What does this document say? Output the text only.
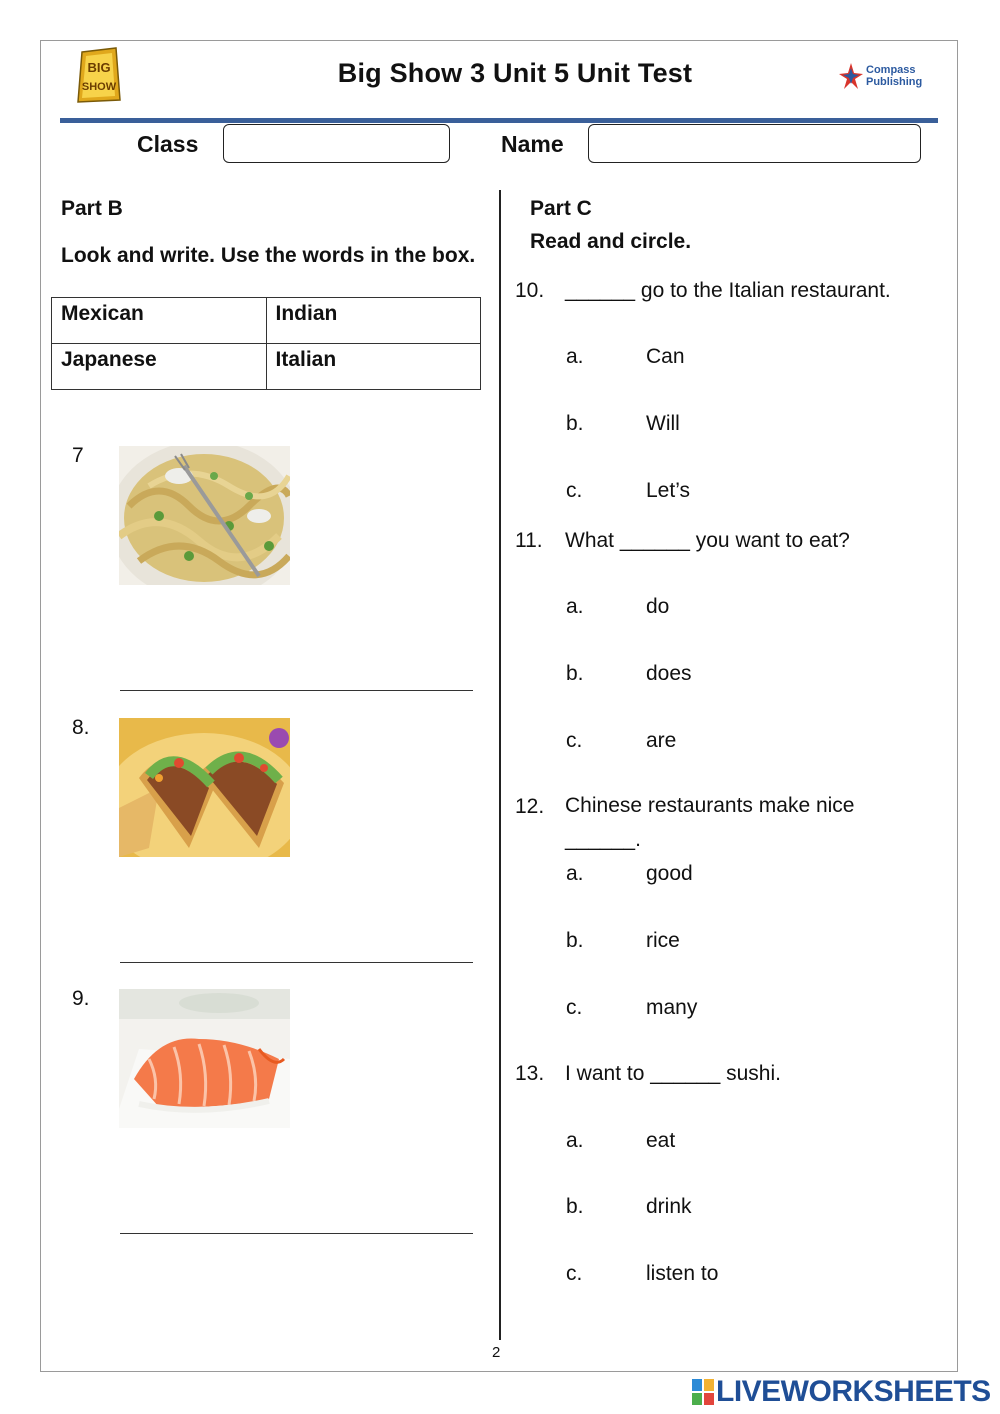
BIG
SHOW	Big Show 3 Unit 5 Unit Test	Compass
Publishing
Class	Name
Part B
Look and write. Use the words in the box.
Mexican	Indian
Japanese	Italian
7
8.
9.
Part C
Read and circle.
10. ______ go to the Italian restaurant.
a.	Can
b.	Will
c.	Let’s
11. What ______ you want to eat?
a.	do
b.	does
c.	are
12. Chinese restaurants make nice ______.
a.	good
b.	rice
c.	many
13. I want to ______ sushi.
a.	eat
b.	drink
c.	listen to
2
LIVEWORKSHEETS
